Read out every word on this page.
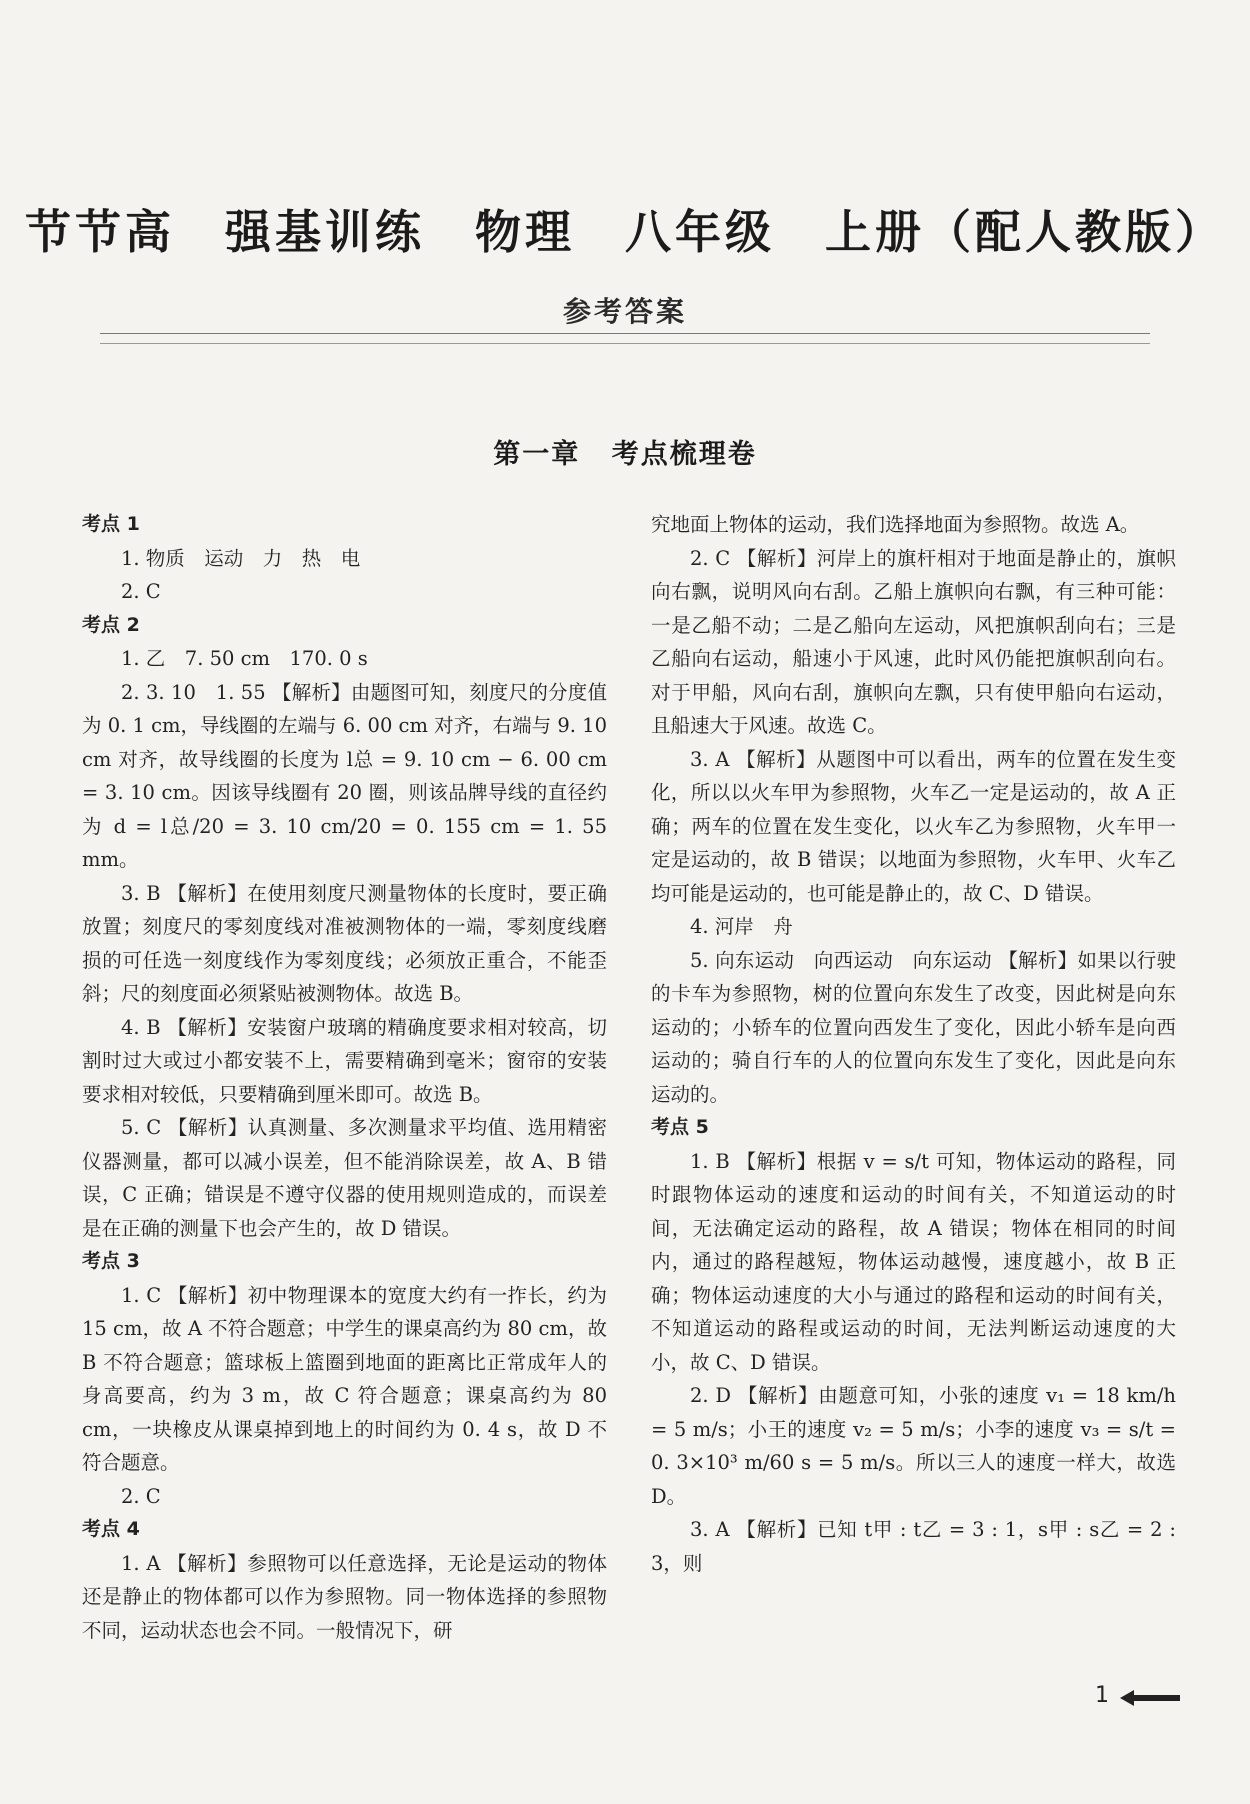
节节高 强基训练 物理 八年级 上册（配人教版）
参考答案
第一章 考点梳理卷

考点 1

1. 物质　运动　力　热　电

2. C

考点 2

1. 乙　7. 50 cm　170. 0 s

2. 3. 10　1. 55 【解析】由题图可知，刻度尺的分度值为 0. 1 cm，导线圈的左端与 6. 00 cm 对齐，右端与 9. 10 cm 对齐，故导线圈的长度为 l总 = 9. 10 cm − 6. 00 cm = 3. 10 cm。因该导线圈有 20 圈，则该品牌导线的直径约为 d = l总/20 = 3. 10 cm/20 = 0. 155 cm = 1. 55 mm。

3. B 【解析】在使用刻度尺测量物体的长度时，要正确放置；刻度尺的零刻度线对准被测物体的一端，零刻度线磨损的可任选一刻度线作为零刻度线；必须放正重合，不能歪斜；尺的刻度面必须紧贴被测物体。故选 B。

4. B 【解析】安装窗户玻璃的精确度要求相对较高，切割时过大或过小都安装不上，需要精确到毫米；窗帘的安装要求相对较低，只要精确到厘米即可。故选 B。

5. C 【解析】认真测量、多次测量求平均值、选用精密仪器测量，都可以减小误差，但不能消除误差，故 A、B 错误，C 正确；错误是不遵守仪器的使用规则造成的，而误差是在正确的测量下也会产生的，故 D 错误。

考点 3

1. C 【解析】初中物理课本的宽度大约有一拃长，约为 15 cm，故 A 不符合题意；中学生的课桌高约为 80 cm，故 B 不符合题意；篮球板上篮圈到地面的距离比正常成年人的身高要高，约为 3 m，故 C 符合题意；课桌高约为 80 cm，一块橡皮从课桌掉到地上的时间约为 0. 4 s，故 D 不符合题意。

2. C

考点 4

1. A 【解析】参照物可以任意选择，无论是运动的物体还是静止的物体都可以作为参照物。同一物体选择的参照物不同，运动状态也会不同。一般情况下，研

究地面上物体的运动，我们选择地面为参照物。故选 A。

2. C 【解析】河岸上的旗杆相对于地面是静止的，旗帜向右飘，说明风向右刮。乙船上旗帜向右飘，有三种可能：一是乙船不动；二是乙船向左运动，风把旗帜刮向右；三是乙船向右运动，船速小于风速，此时风仍能把旗帜刮向右。对于甲船，风向右刮，旗帜向左飘，只有使甲船向右运动，且船速大于风速。故选 C。

3. A 【解析】从题图中可以看出，两车的位置在发生变化，所以以火车甲为参照物，火车乙一定是运动的，故 A 正确；两车的位置在发生变化，以火车乙为参照物，火车甲一定是运动的，故 B 错误；以地面为参照物，火车甲、火车乙均可能是运动的，也可能是静止的，故 C、D 错误。

4. 河岸　舟

5. 向东运动　向西运动　向东运动 【解析】如果以行驶的卡车为参照物，树的位置向东发生了改变，因此树是向东运动的；小轿车的位置向西发生了变化，因此小轿车是向西运动的；骑自行车的人的位置向东发生了变化，因此是向东运动的。

考点 5

1. B 【解析】根据 v = s/t 可知，物体运动的路程，同时跟物体运动的速度和运动的时间有关，不知道运动的时间，无法确定运动的路程，故 A 错误；物体在相同的时间内，通过的路程越短，物体运动越慢，速度越小，故 B 正确；物体运动速度的大小与通过的路程和运动的时间有关，不知道运动的路程或运动的时间，无法判断运动速度的大小，故 C、D 错误。

2. D 【解析】由题意可知，小张的速度 v₁ = 18 km/h = 5 m/s；小王的速度 v₂ = 5 m/s；小李的速度 v₃ = s/t = 0. 3×10³ m/60 s = 5 m/s。所以三人的速度一样大，故选 D。

3. A 【解析】已知 t甲 : t乙 = 3 : 1，s甲 : s乙 = 2 : 3，则

1
